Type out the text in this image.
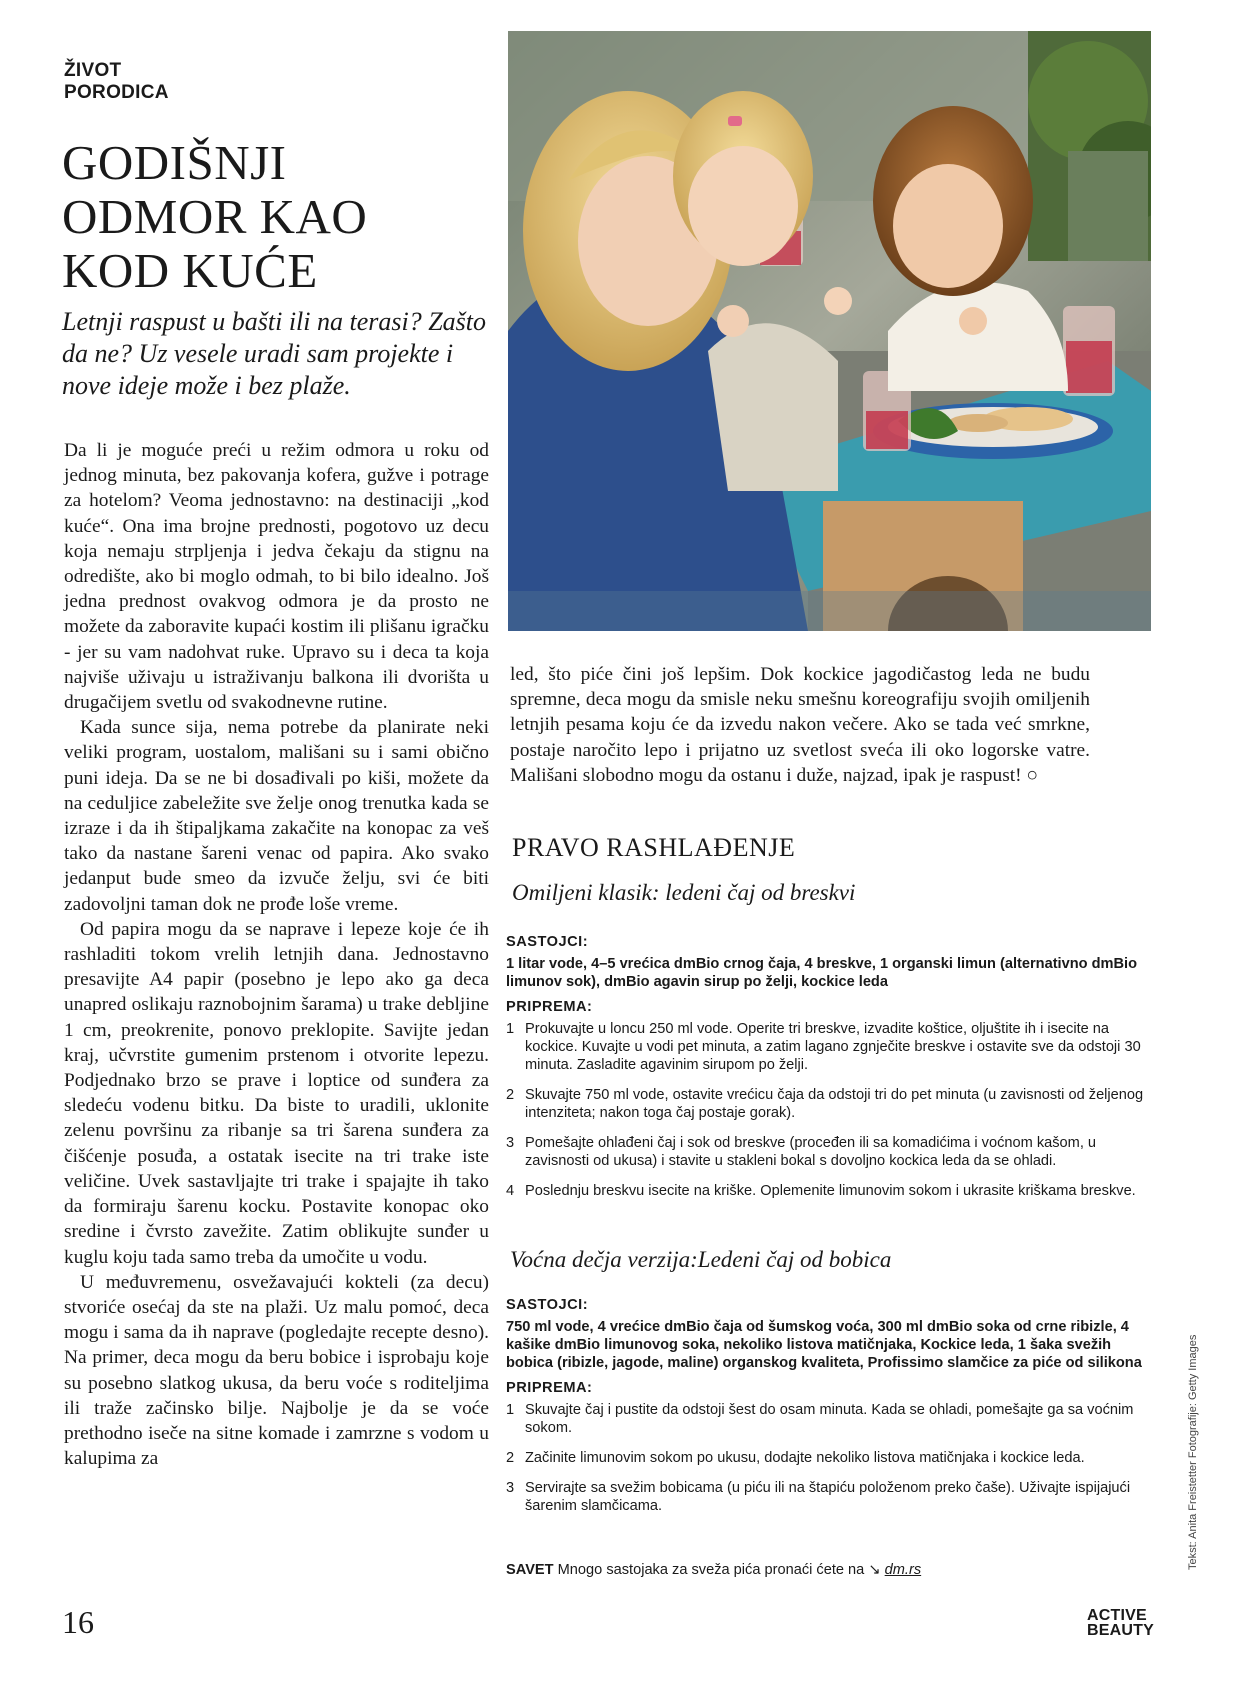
ŽIVOT
PORODICA
GODIŠNJI
ODMOR KAO
KOD KUĆE

Letnji raspust u bašti ili na terasi? Zašto da ne? Uz vesele uradi sam projekte i nove ideje može i bez plaže.

Da li je moguće preći u režim odmora u roku od jednog minuta, bez pakovanja kofera, gužve i potrage za hotelom? Veoma jednostavno: na destinaciji „kod kuće“. Ona ima brojne prednosti, pogotovo uz decu koja nemaju strpljenja i jedva čekaju da stignu na odredište, ako bi moglo odmah, to bi bilo idealno. Još jedna prednost ovakvog odmora je da prosto ne možete da zaboravite kupaći kostim ili plišanu igračku - jer su vam nadohvat ruke. Upravo su i deca ta koja najviše uživaju u istraživanju balkona ili dvorišta u drugačijem svetlu od svakodnevne rutine.

Kada sunce sija, nema potrebe da planirate neki veliki program, uostalom, mališani su i sami obično puni ideja. Da se ne bi dosađivali po kiši, možete da na cedulјice zabeležite sve želje onog trenutka kada se izraze i da ih štipaljkama zakačite na konopac za veš tako da nastane šareni venac od papira. Ako svako jedanput bude smeo da izvuče želju, svi će biti zadovoljni taman dok ne prođe loše vreme.

Od papira mogu da se naprave i lepeze koje će ih rashladiti tokom vrelih letnjih dana. Jednostavno presavijte A4 papir (posebno je lepo ako ga deca unapred oslikaju raznobojnim šarama) u trake debljine 1 cm, preokrenite, ponovo preklopite. Savijte jedan kraj, učvrstite gumenim prstenom i otvorite lepezu. Podjednako brzo se prave i loptice od sunđera za sledeću vodenu bitku. Da biste to uradili, uklonite zelenu površinu za ribanje sa tri šarena sunđera za čišćenje posuđa, a ostatak isecite na tri trake iste veličine. Uvek sastavljajte tri trake i spajajte ih tako da formiraju šarenu kocku. Postavite konopac oko sredine i čvrsto zavežite. Zatim oblikujte sunđer u kuglu koju tada samo treba da umočite u vodu.

U međuvremenu, osvežavajući kokteli (za decu) stvoriće osećaj da ste na plaži. Uz malu pomoć, deca mogu i sama da ih naprave (pogledajte recepte desno). Na primer, deca mogu da beru bobice i isprobaju koje su posebno slatkog ukusa, da beru voće s roditeljima ili traže začinsko bilje. Najbolje je da se voće prethodno iseče na sitne komade i zamrzne s vodom u kalupima za

led, što piće čini još lepšim. Dok kockice jagodičastog leda ne budu spremne, deca mogu da smisle neku smešnu koreografiju svojih omiljenih letnjih pesama koju će da izvedu nakon večere. Ako se tada već smrkne, postaje naročito lepo i prijatno uz svetlost sveća ili oko logorske vatre. Mališani slobodno mogu da ostanu i duže, najzad, ipak je raspust! ○
PRAVO RASHLAĐENJE
Omiljeni klasik: ledeni čaj od breskvi
SASTOJCI:
1 litar vode, 4–5 vrećica dmBio crnog čaja, 4 breskve, 1 organski limun (alternativno dmBio limunov sok), dmBio agavin sirup po želji, kockice leda
PRIPREMA:
1 Prokuvajte u loncu 250 ml vode. Operite tri breskve, izvadite koštice, oljuštite ih i isecite na kockice. Kuvajte u vodi pet minuta, a zatim lagano zgnječite breskve i ostavite sve da odstoji 30 minuta. Zasladite agavinim sirupom po želji.
2 Skuvajte 750 ml vode, ostavite vrećicu čaja da odstoji tri do pet minuta (u zavisnosti od željenog intenziteta; nakon toga čaj postaje gorak).
3 Pomešajte ohlađeni čaj i sok od breskve (proceđen ili sa komadićima i voćnom kašom, u zavisnosti od ukusa) i stavite u stakleni bokal s dovoljno kockica leda da se ohladi.
4 Poslednju breskvu isecite na kriške. Oplemenite limunovim sokom i ukrasite kriškama breskve.
Voćna dečja verzija:Ledeni čaj od bobica
SASTOJCI:
750 ml vode, 4 vrećice dmBio čaja od šumskog voća, 300 ml dmBio soka od crne ribizle, 4 kašike dmBio limunovog soka, nekoliko listova matičnjaka, Kockice leda, 1 šaka svežih bobica (ribizle, jagode, maline) organskog kvaliteta, Profissimo slamčice za piće od silikona
PRIPREMA:
1 Skuvajte čaj i pustite da odstoji šest do osam minuta. Kada se ohladi, pomešajte ga sa voćnim sokom.
2 Začinite limunovim sokom po ukusu, dodajte nekoliko listova matičnjaka i kockice leda.
3 Servirajte sa svežim bobicama (u piću ili na štapiću položenom preko čaše). Uživajte ispijajući šarenim slamčicama.
SAVET Mnogo sastojaka za sveža pića pronaći ćete na ↘ dm.rs	Tekst: Anita Freistetter Fotografije: Getty Images
16	ACTIVE
BEAUTY
